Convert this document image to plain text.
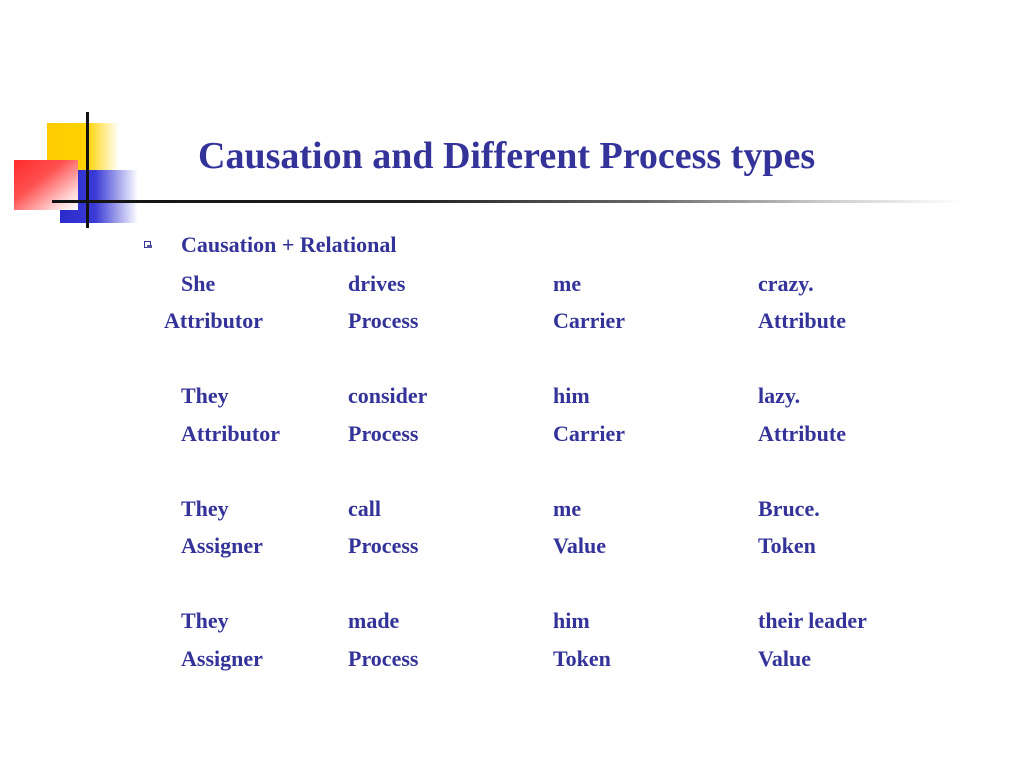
Causation and Different Process types
Causation + Relational
She	drives	me	crazy.
Attributor	Process	Carrier	Attribute
They	consider	him	lazy.
Attributor	Process	Carrier	Attribute
They	call	me	Bruce.
Assigner	Process	Value	Token
They	made	him	their leader
Assigner	Process	Token	Value
